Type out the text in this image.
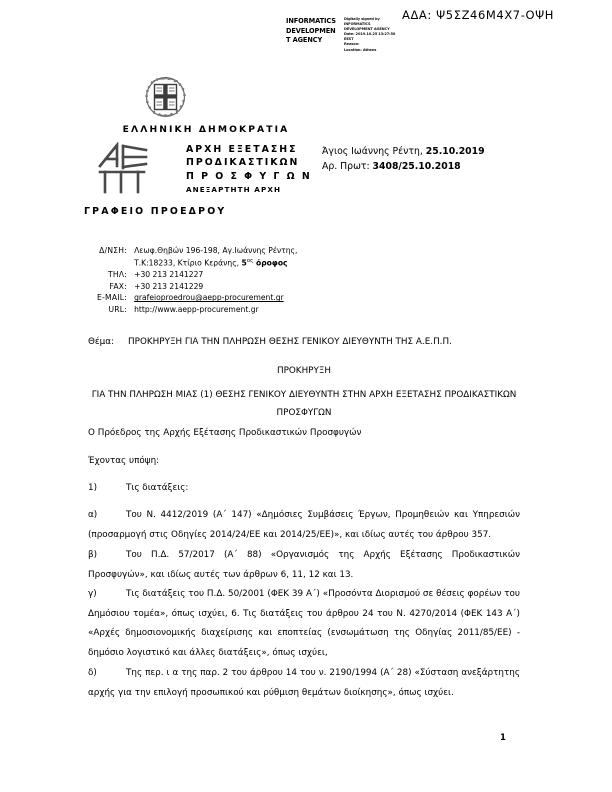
ΑΔΑ: Ψ5ΣΖ46Μ4Χ7-ΟΨΗ
INFORMATICS
DEVELOPMEN
T AGENCY
Digitally signed by
INFORMATICS
DEVELOPMENT AGENCY
Date: 2019.10.25 13:27:50
EEST
Reason:
Location: Athens
ΕΛΛΗΝΙΚΗ ΔΗΜΟΚΡΑΤΙΑ
ΑΡΧΗ ΕΞΕΤΑΣΗΣ
ΠΡΟΔΙΚΑΣΤΙΚΩΝ
Π Ρ Ο Σ Φ Υ Γ Ω Ν
ΑΝΕΞΑΡΤΗΤΗ ΑΡΧΗ
Άγιος Ιωάννης Ρέντη, 25.10.2019
Αρ. Πρωτ: 3408/25.10.2018
ΓΡΑΦΕΙΟ ΠΡΟΕΔΡΟΥ
Δ/ΝΣΗ:	Λεωφ.Θηβών 196-198, Αγ.Ιωάννης Ρέντης,
Τ.Κ:18233, Κτίριο Κεράνης, $5^{o\varsigma}$ όροφος

ΤΗΛ:	+30 213 2141227
FAX:	+30 213 2141229
E-MAIL:	grafeioproedrou@aepp-procurement.gr
URL:	http://www.aepp-procurement.gr
Θέμα: ΠΡΟΚΗΡΥΞΗ ΓΙΑ ΤΗΝ ΠΛΗΡΩΣΗ ΘΕΣΗΣ ΓΕΝΙΚΟΥ ΔΙΕΥΘΥΝΤΗ ΤΗΣ Α.Ε.Π.Π.
ΠΡΟΚΗΡΥΞΗ
ΓΙΑ ΤΗΝ ΠΛΗΡΩΣΗ ΜΙΑΣ (1) ΘΕΣΗΣ ΓΕΝΙΚΟΥ ΔΙΕΥΘΥΝΤΗ ΣΤΗΝ ΑΡΧΗ ΕΞΕΤΑΣΗΣ ΠΡΟΔΙΚΑΣΤΙΚΩΝ ΠΡΟΣΦΥΓΩΝ
Ο Πρόεδρος της Αρχής Εξέτασης Προδικαστικών Προσφυγών
Έχοντας υπόψη:
1)	Τις διατάξεις:
α)	Του Ν. 4412/2019 (Α΄ 147) «Δημόσιες Συμβάσεις Έργων, Προμηθειών και Υπηρεσιών (προσαρμογή στις Οδηγίες 2014/24/ΕΕ και 2014/25/ΕΕ)», και ιδίως αυτές του άρθρου 357.
β)	Του Π.Δ. 57/2017 (Α΄ 88) «Οργανισμός της Αρχής Εξέτασης Προδικαστικών Προσφυγών», και ιδίως αυτές των άρθρων 6, 11, 12 και 13.
γ)	Τις διατάξεις του Π.Δ. 50/2001 (ΦΕΚ 39 Α΄) «Προσόντα Διορισμού σε θέσεις φορέων του Δημόσιου τομέα», όπως ισχύει, 6. Τις διατάξεις του άρθρου 24 του Ν. 4270/2014 (ΦΕΚ 143 Α΄) «Αρχές δημοσιονομικής διαχείρισης και εποπτείας (ενσωμάτωση της Οδηγίας 2011/85/ΕΕ) - δημόσιο λογιστικό και άλλες διατάξεις», όπως ισχύει,
δ)	Της περ. ι α της παρ. 2 του άρθρου 14 του ν. 2190/1994 (Α΄ 28) «Σύσταση ανεξάρτητης αρχής για την επιλογή προσωπικού και ρύθμιση θεμάτων διοίκησης», όπως ισχύει.
1
